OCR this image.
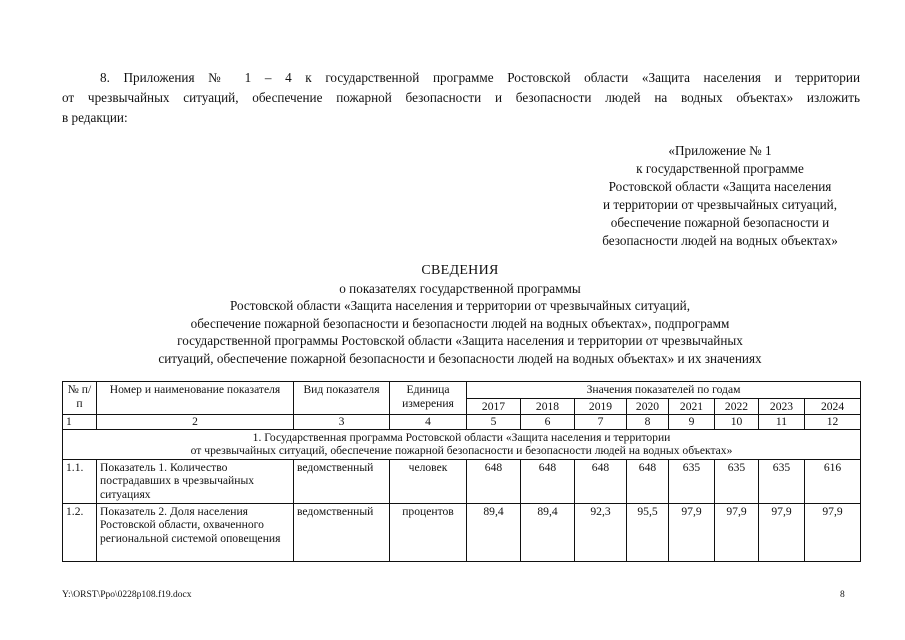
8. Приложения № 1 – 4 к государственной программе Ростовской области «Защита населения и территории
от чрезвычайных ситуаций, обеспечение пожарной безопасности и безопасности людей на водных объектах» изложить
в редакции:
«Приложение № 1
к государственной программе
Ростовской области «Защита населения
и территории от чрезвычайных ситуаций,
обеспечение пожарной безопасности и
безопасности людей на водных объектах»
СВЕДЕНИЯ
о показателях государственной программы
Ростовской области «Защита населения и территории от чрезвычайных ситуаций,
обеспечение пожарной безопасности и безопасности людей на водных объектах», подпрограмм
государственной программы Ростовской области «Защита населения и территории от чрезвычайных
ситуаций, обеспечение пожарной безопасности и безопасности людей на водных объектах» и их значениях
№ п/п	Номер и наименование показателя	Вид показателя	Единица измерения	Значения показателей по годам							
				2017	2018	2019	2020	2021	2022	2023	2024
1	2	3	4	5	6	7	8	9	10	11	12

1. Государственная программа Ростовской области «Защита населения и территории
от чрезвычайных ситуаций, обеспечение пожарной безопасности и безопасности людей на водных объектах»											

1.1.	Показатель 1. Количество пострадавших в чрезвычайных ситуациях	ведомственный	человек	648	648	648	648	635	635	635	616
1.2.	Показатель 2. Доля населения Ростовской области, охваченного региональной системой оповещения	ведомственный	процентов	89,4	89,4	92,3	95,5	97,9	97,9	97,9	97,9
Y:\ORST\Ppo\0228p108.f19.docx	8
